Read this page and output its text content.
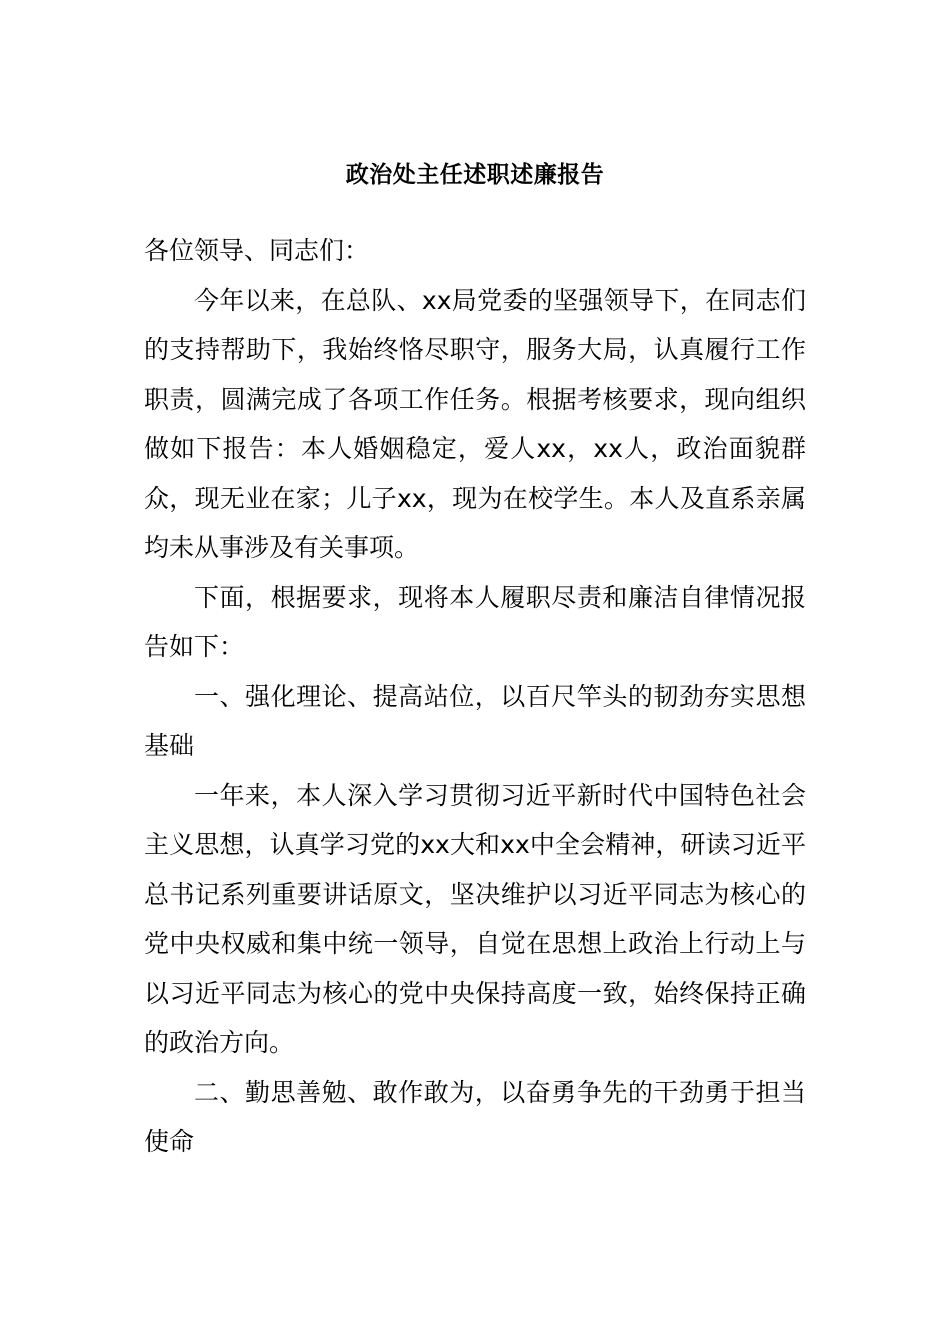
政治处主任述职述廉报告

各位领导、同志们：

今年以来，在总队、xx局党委的坚强领导下，在同志们的支持帮助下，我始终恪尽职守，服务大局，认真履行工作职责，圆满完成了各项工作任务。根据考核要求，现向组织做如下报告：本人婚姻稳定，爱人xx，xx人，政治面貌群众，现无业在家；儿子xx，现为在校学生。本人及直系亲属均未从事涉及有关事项。

下面，根据要求，现将本人履职尽责和廉洁自律情况报告如下：

一、强化理论、提高站位，以百尺竿头的韧劲夯实思想基础

一年来，本人深入学习贯彻习近平新时代中国特色社会主义思想，认真学习党的xx大和xx中全会精神，研读习近平总书记系列重要讲话原文，坚决维护以习近平同志为核心的党中央权威和集中统一领导，自觉在思想上政治上行动上与以习近平同志为核心的党中央保持高度一致，始终保持正确的政治方向。

二、勤思善勉、敢作敢为，以奋勇争先的干劲勇于担当使命
